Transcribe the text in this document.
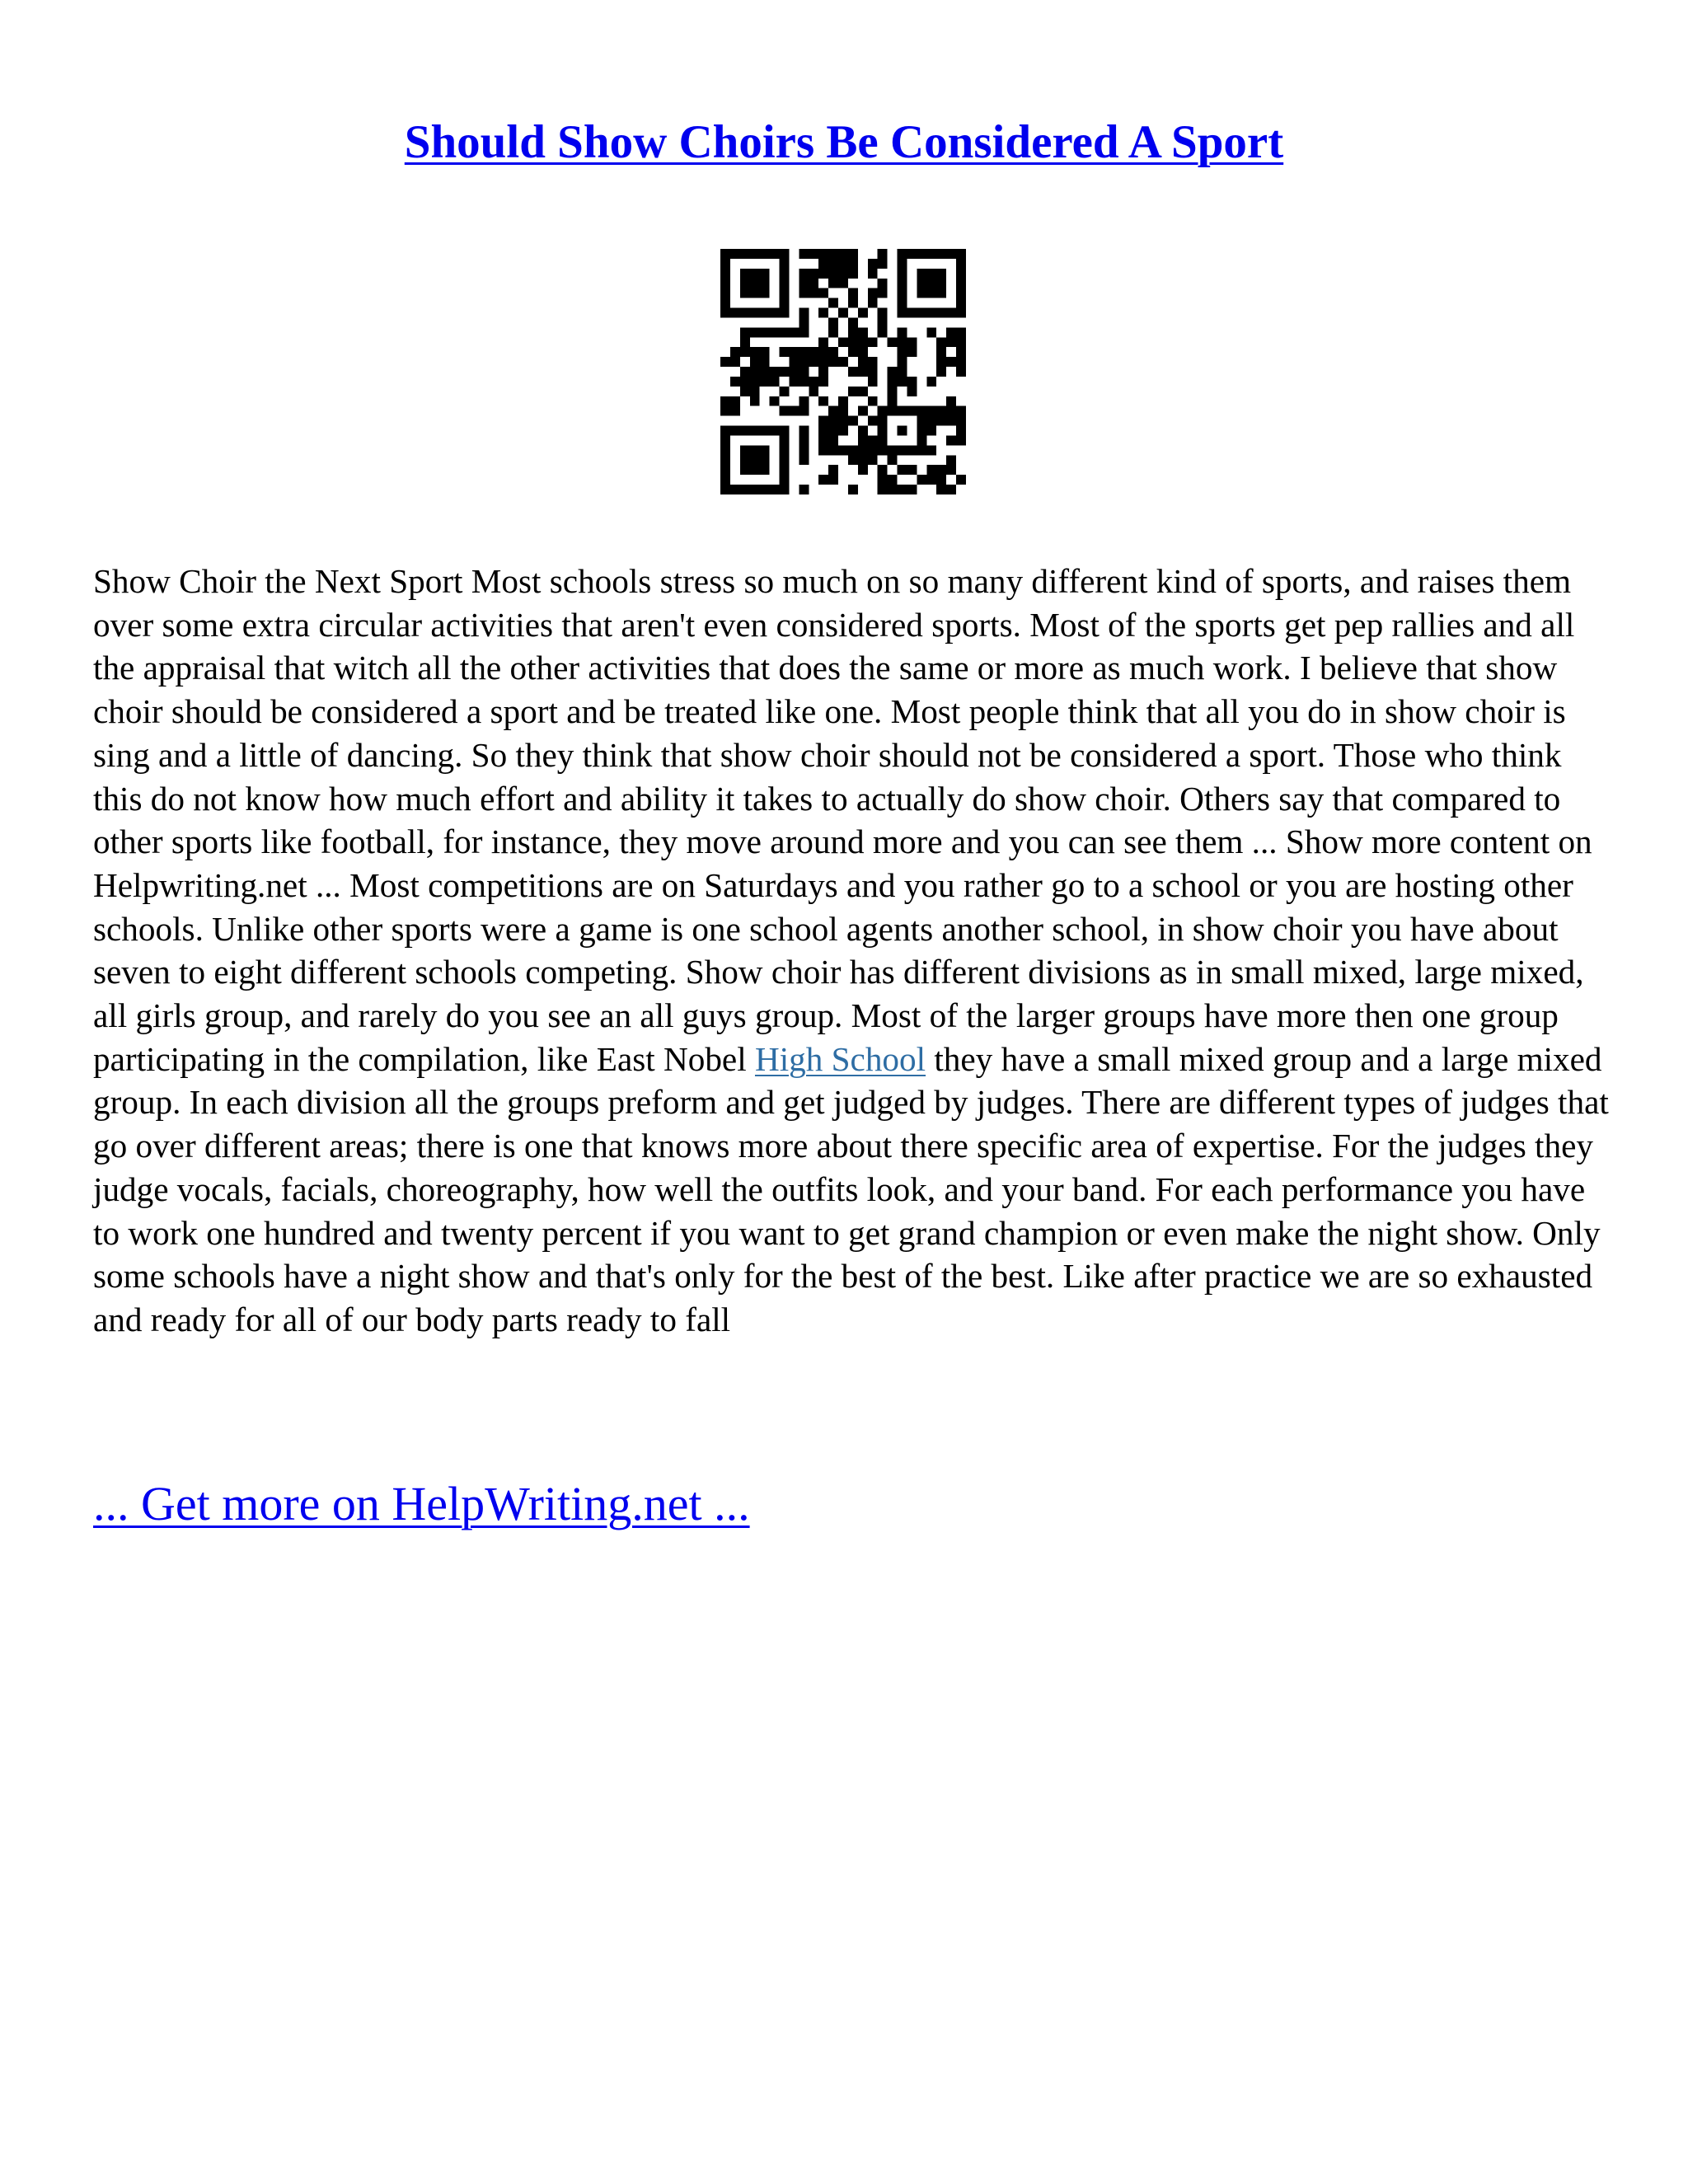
Should Show Choirs Be Considered A Sport

Show Choir the Next Sport Most schools stress so much on so many different kind of sports, and raises them over some extra circular activities that aren't even considered sports. Most of the sports get pep rallies and all the appraisal that witch all the other activities that does the same or more as much work. I believe that show choir should be considered a sport and be treated like one. Most people think that all you do in show choir is sing and a little of dancing. So they think that show choir should not be considered a sport. Those who think this do not know how much effort and ability it takes to actually do show choir. Others say that compared to other sports like football, for instance, they move around more and you can see them ... Show more content on Helpwriting.net ... Most competitions are on Saturdays and you rather go to a school or you are hosting other schools. Unlike other sports were a game is one school agents another school, in show choir you have about seven to eight different schools competing. Show choir has different divisions as in small mixed, large mixed, all girls group, and rarely do you see an all guys group. Most of the larger groups have more then one group participating in the compilation, like East Nobel High School they have a small mixed group and a large mixed group. In each division all the groups preform and get judged by judges. There are different types of judges that go over different areas; there is one that knows more about there specific area of expertise. For the judges they judge vocals, facials, choreography, how well the outfits look, and your band. For each performance you have to work one hundred and twenty percent if you want to get grand champion or even make the night show. Only some schools have a night show and that's only for the best of the best. Like after practice we are so exhausted and ready for all of our body parts ready to fall

... Get more on HelpWriting.net ...
